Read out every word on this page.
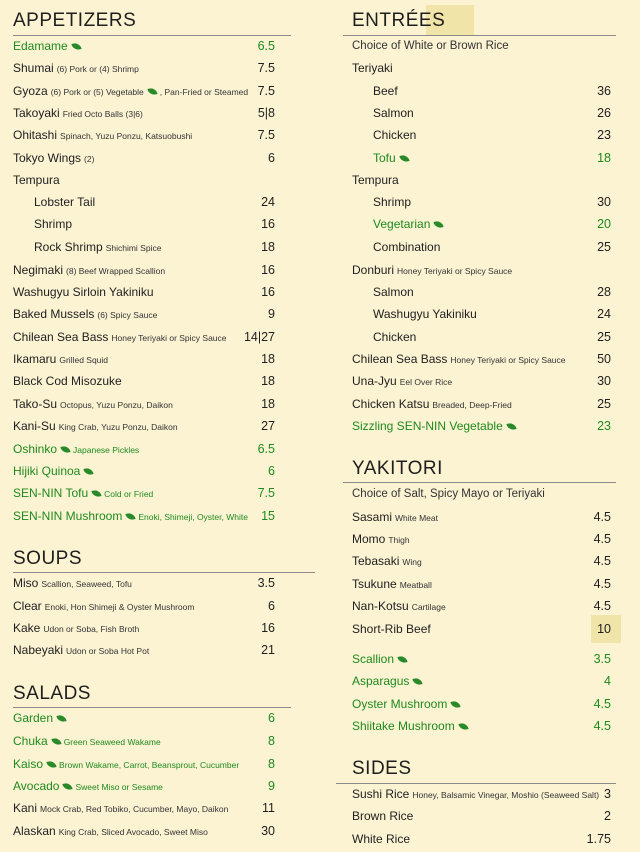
APPETIZERS
Edamame	6.5
Shumai (6) Pork or (4) Shrimp	7.5
Gyoza (6) Pork or (5) Vegetable , Pan-Fried or Steamed 7.5
Takoyaki Fried Octo Balls (3|6)	5|8
Ohitashi Spinach, Yuzu Ponzu, Katsuobushi	7.5
Tokyo Wings (2)	6
Tempura
Lobster Tail	24
Shrimp	16
Rock Shrimp Shichimi Spice	18
Negimaki (8) Beef Wrapped Scallion	16
Washugyu Sirloin Yakiniku	16
Baked Mussels (6) Spicy Sauce	9
Chilean Sea Bass Honey Teriyaki or Spicy Sauce 14|27
Ikamaru Grilled Squid	18
Black Cod Misozuke	18
Tako-Su Octopus, Yuzu Ponzu, Daikon	18
Kani-Su King Crab, Yuzu Ponzu, Daikon	27
Oshinko Japanese Pickles	6.5
Hijiki Quinoa	6
SEN-NIN Tofu Cold or Fried	7.5
SEN-NIN Mushroom Enoki, Shimeji, Oyster, White 15
SOUPS
Miso Scallion, Seaweed, Tofu	3.5
Clear Enoki, Hon Shimeji & Oyster Mushroom	6
Kake Udon or Soba, Fish Broth	16
Nabeyaki Udon or Soba Hot Pot	21
SALADS
Garden	6
Chuka Green Seaweed Wakame	8
Kaiso Brown Wakame, Carrot, Beansprout, Cucumber 8
Avocado Sweet Miso or Sesame	9
Kani Mock Crab, Red Tobiko, Cucumber, Mayo, Daikon	11
Alaskan King Crab, Sliced Avocado, Sweet Miso	30
ENTRÉES
Choice of White or Brown Rice
Teriyaki
Beef	36
Salmon	26
Chicken	23
Tofu	18
Tempura
Shrimp	30
Vegetarian	20
Combination	25
Donburi Honey Teriyaki or Spicy Sauce
Salmon	28
Washugyu Yakiniku	24
Chicken	25
Chilean Sea Bass Honey Teriyaki or Spicy Sauce	50
Una-Jyu Eel Over Rice	30
Chicken Katsu Breaded, Deep-Fried	25
Sizzling SEN-NIN Vegetable	23
YAKITORI
Choice of Salt, Spicy Mayo or Teriyaki
Sasami White Meat	4.5
Momo Thigh	4.5
Tebasaki Wing	4.5
Tsukune Meatball	4.5
Nan-Kotsu Cartilage	4.5
Short-Rib Beef	10
Scallion	3.5
Asparagus	4
Oyster Mushroom	4.5
Shiitake Mushroom	4.5
SIDES
Sushi Rice Honey, Balsamic Vinegar, Moshio (Seaweed Salt) 3
Brown Rice	2
White Rice	1.75
